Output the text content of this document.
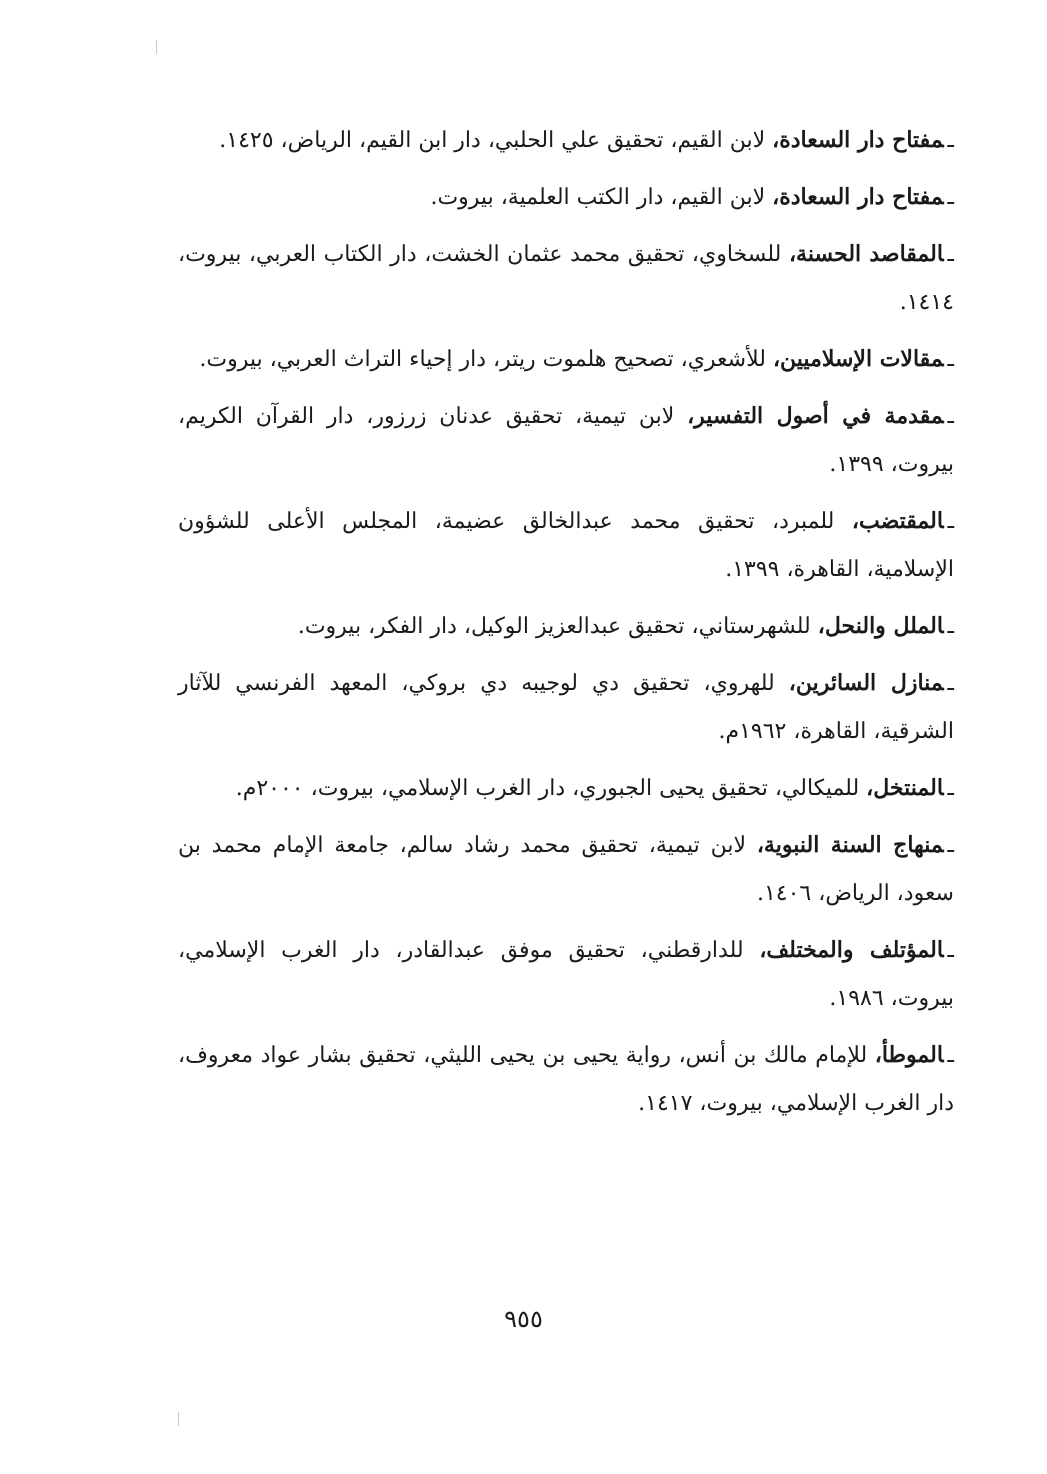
ـمفتاح دار السعادة، لابن القيم، تحقيق علي الحلبي، دار ابن القيم، الرياض، ١٤٢٥.

ـمفتاح دار السعادة، لابن القيم، دار الكتب العلمية، بيروت.

ـالمقاصد الحسنة، للسخاوي، تحقيق محمد عثمان الخشت، دار الكتاب العربي، بيروت، ١٤١٤.

ـمقالات الإسلاميين، للأشعري، تصحيح هلموت ريتر، دار إحياء التراث العربي، بيروت.

ـمقدمة في أصول التفسير، لابن تيمية، تحقيق عدنان زرزور، دار القرآن الكريم، بيروت، ١٣٩٩.

ـالمقتضب، للمبرد، تحقيق محمد عبدالخالق عضيمة، المجلس الأعلى للشؤون الإسلامية، القاهرة، ١٣٩٩.

ـالملل والنحل، للشهرستاني، تحقيق عبدالعزيز الوكيل، دار الفكر، بيروت.

ـمنازل السائرين، للهروي، تحقيق دي لوجيبه دي بروكي، المعهد الفرنسي للآثار الشرقية، القاهرة، ١٩٦٢م.

ـالمنتخل، للميكالي، تحقيق يحيى الجبوري، دار الغرب الإسلامي، بيروت، ٢٠٠٠م.

ـمنهاج السنة النبوية، لابن تيمية، تحقيق محمد رشاد سالم، جامعة الإمام محمد بن سعود، الرياض، ١٤٠٦.

ـالمؤتلف والمختلف، للدارقطني، تحقيق موفق عبدالقادر، دار الغرب الإسلامي، بيروت، ١٩٨٦.

ـالموطأ، للإمام مالك بن أنس، رواية يحيى بن يحيى الليثي، تحقيق بشار عواد معروف، دار الغرب الإسلامي، بيروت، ١٤١٧.

٩٥٥
